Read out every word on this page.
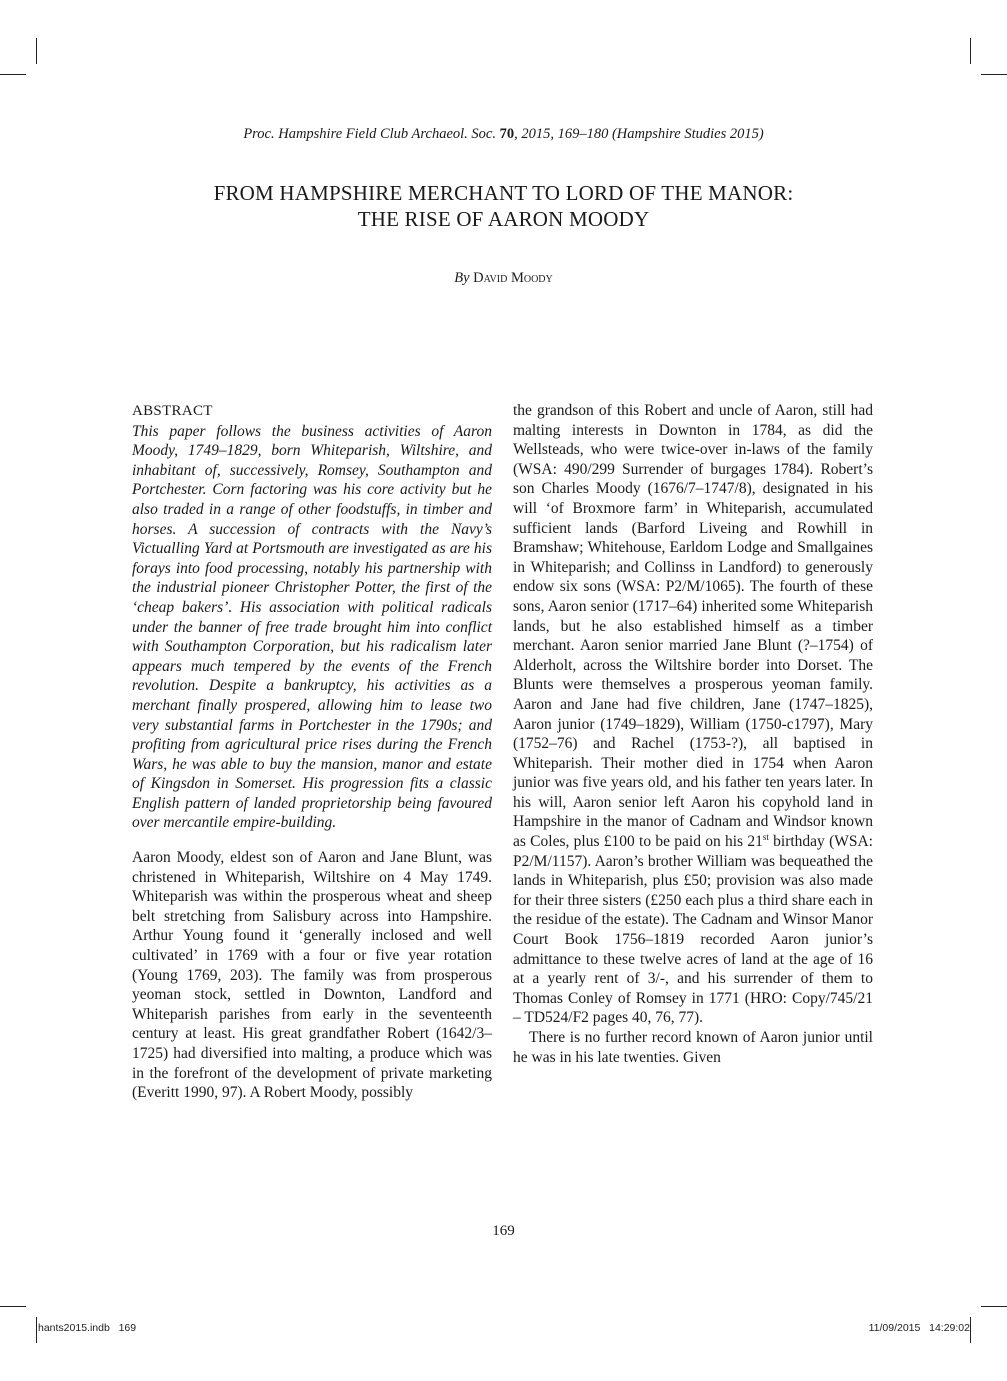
Proc. Hampshire Field Club Archaeol. Soc. 70, 2015, 169–180 (Hampshire Studies 2015)
FROM HAMPSHIRE MERCHANT TO LORD OF THE MANOR:
THE RISE OF AARON MOODY
By David Moody

ABSTRACT

This paper follows the business activities of Aaron Moody, 1749–1829, born Whiteparish, Wiltshire, and inhabitant of, successively, Romsey, Southampton and Portchester. Corn factoring was his core activity but he also traded in a range of other foodstuffs, in timber and horses. A succession of contracts with the Navy’s Victualling Yard at Portsmouth are investigated as are his forays into food processing, notably his partnership with the industrial pioneer Christopher Potter, the first of the ‘cheap bakers’. His association with political radicals under the banner of free trade brought him into conflict with Southampton Corporation, but his radicalism later appears much tempered by the events of the French revolution. Despite a bankruptcy, his activities as a merchant finally prospered, allowing him to lease two very substantial farms in Portchester in the 1790s; and profiting from agricultural price rises during the French Wars, he was able to buy the mansion, manor and estate of Kingsdon in Somerset. His progression fits a classic English pattern of landed proprietorship being favoured over mercantile empire-building.

Aaron Moody, eldest son of Aaron and Jane Blunt, was christened in Whiteparish, Wiltshire on 4 May 1749. Whiteparish was within the prosperous wheat and sheep belt stretching from Salisbury across into Hampshire. Arthur Young found it ‘generally inclosed and well cultivated’ in 1769 with a four or five year rotation (Young 1769, 203). The family was from prosperous yeoman stock, settled in Downton, Landford and Whiteparish parishes from early in the seventeenth century at least. His great grandfather Robert (1642/3–1725) had diversified into malting, a produce which was in the forefront of the development of private marketing (Everitt 1990, 97). A Robert Moody, possibly

the grandson of this Robert and uncle of Aaron, still had malting interests in Downton in 1784, as did the Wellsteads, who were twice-over in-laws of the family (WSA: 490/299 Surrender of burgages 1784). Robert’s son Charles Moody (1676/7–1747/8), designated in his will ‘of Broxmore farm’ in Whiteparish, accumulated sufficient lands (Barford Liveing and Rowhill in Bramshaw; Whitehouse, Earldom Lodge and Smallgaines in Whiteparish; and Collinss in Landford) to generously endow six sons (WSA: P2/M/1065). The fourth of these sons, Aaron senior (1717–64) inherited some Whiteparish lands, but he also established himself as a timber merchant. Aaron senior married Jane Blunt (?–1754) of Alderholt, across the Wiltshire border into Dorset. The Blunts were themselves a prosperous yeoman family. Aaron and Jane had five children, Jane (1747–1825), Aaron junior (1749–1829), William (1750-c1797), Mary (1752–76) and Rachel (1753-?), all baptised in Whiteparish. Their mother died in 1754 when Aaron junior was five years old, and his father ten years later. In his will, Aaron senior left Aaron his copyhold land in Hampshire in the manor of Cadnam and Windsor known as Coles, plus £100 to be paid on his 21st birthday (WSA: P2/M/1157). Aaron’s brother William was bequeathed the lands in Whiteparish, plus £50; provision was also made for their three sisters (£250 each plus a third share each in the residue of the estate). The Cadnam and Winsor Manor Court Book 1756–1819 recorded Aaron junior’s admittance to these twelve acres of land at the age of 16 at a yearly rent of 3/-, and his surrender of them to Thomas Conley of Romsey in 1771 (HRO: Copy/745/21 – TD524/F2 pages 40, 76, 77).

There is no further record known of Aaron junior until he was in his late twenties. Given

169
hants2015.indb   169	11/09/2015   14:29:02
